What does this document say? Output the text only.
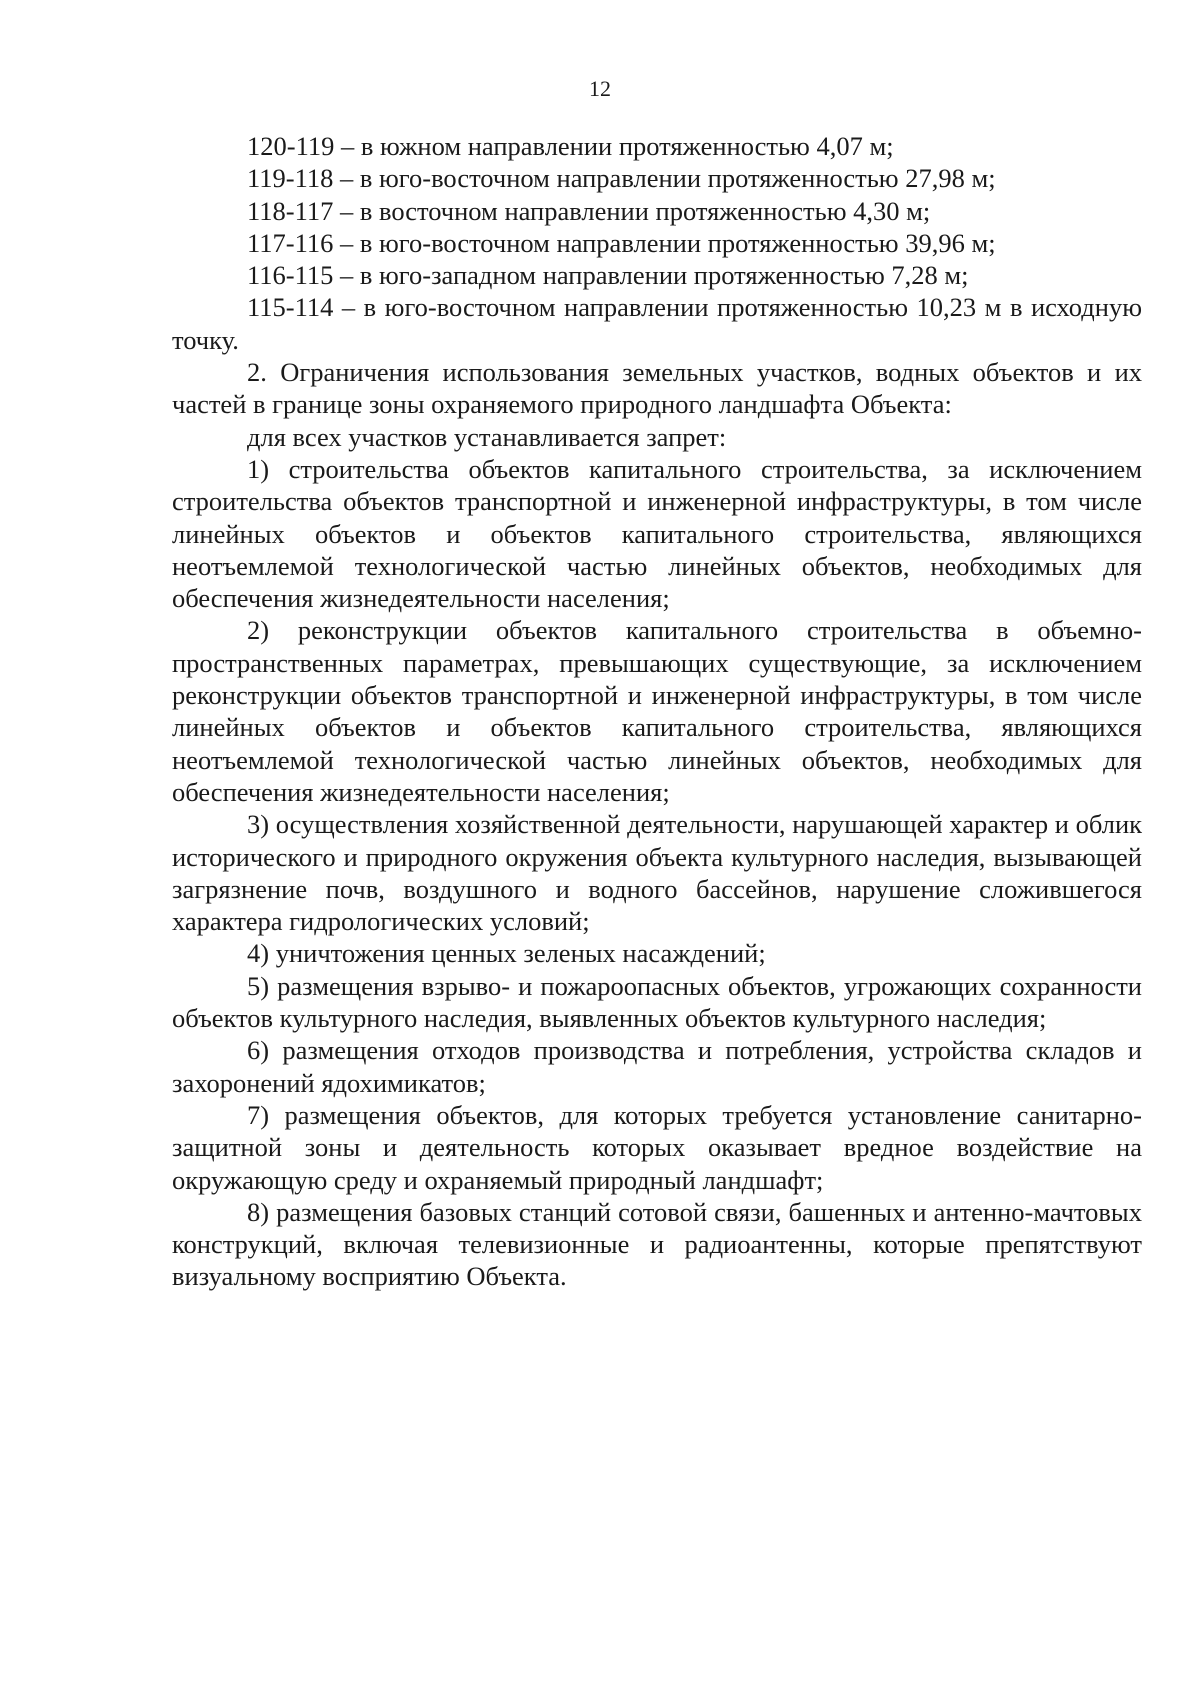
12

120-119 – в южном направлении протяженностью 4,07 м;

119-118 – в юго-восточном направлении протяженностью 27,98 м;

118-117 – в восточном направлении протяженностью 4,30 м;

117-116 – в юго-восточном направлении протяженностью 39,96 м;

116-115 – в юго-западном направлении протяженностью 7,28 м;

115-114 – в юго-восточном направлении протяженностью 10,23 м в исходную точку.

2. Ограничения использования земельных участков, водных объектов и их частей в границе зоны охраняемого природного ландшафта Объекта:

для всех участков устанавливается запрет:

1) строительства объектов капитального строительства, за исключением строительства объектов транспортной и инженерной инфраструктуры, в том числе линейных объектов и объектов капитального строительства, являющихся неотъемлемой технологической частью линейных объектов, необходимых для обеспечения жизнедеятельности населения;

2) реконструкции объектов капитального строительства в объемно-пространственных параметрах, превышающих существующие, за исключением реконструкции объектов транспортной и инженерной инфраструктуры, в том числе линейных объектов и объектов капитального строительства, являющихся неотъемлемой технологической частью линейных объектов, необходимых для обеспечения жизнедеятельности населения;

3) осуществления хозяйственной деятельности, нарушающей характер и облик исторического и природного окружения объекта культурного наследия, вызывающей загрязнение почв, воздушного и водного бассейнов, нарушение сложившегося характера гидрологических условий;

4) уничтожения ценных зеленых насаждений;

5) размещения взрыво- и пожароопасных объектов, угрожающих сохранности объектов культурного наследия, выявленных объектов культурного наследия;

6) размещения отходов производства и потребления, устройства складов и захоронений ядохимикатов;

7) размещения объектов, для которых требуется установление санитарно-защитной зоны и деятельность которых оказывает вредное воздействие на окружающую среду и охраняемый природный ландшафт;

8) размещения базовых станций сотовой связи, башенных и антенно-мачтовых конструкций, включая телевизионные и радиоантенны, которые препятствуют визуальному восприятию Объекта.
